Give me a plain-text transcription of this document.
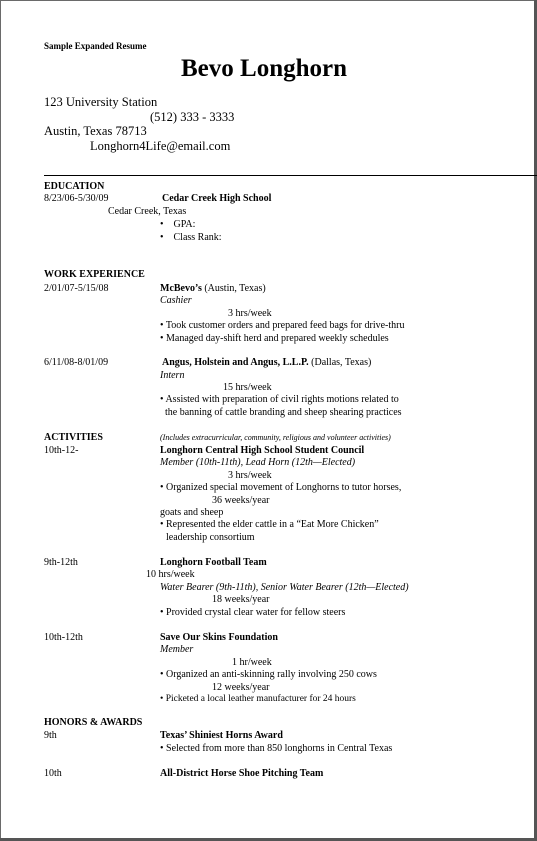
Sample Expanded Resume
Bevo Longhorn
123 University Station
(512) 333 - 3333
Austin, Texas 78713
Longhorn4Life@email.com
EDUCATION
8/23/06-5/30/09	Cedar Creek High School
Cedar Creek, Texas
•    GPA:
•    Class Rank:
WORK EXPERIENCE
2/01/07-5/15/08	McBevo’s (Austin, Texas)
Cashier
3 hrs/week
• Took customer orders and prepared feed bags for drive-thru
• Managed day-shift herd and prepared weekly schedules
6/11/08-8/01/09	Angus, Holstein and Angus, L.L.P. (Dallas, Texas)
Intern
15 hrs/week
• Assisted with preparation of civil rights motions related to
the banning of cattle branding and sheep shearing practices
ACTIVITIES	(Includes extracurricular, community, religious and volunteer activities)
10th-12-	Longhorn Central High School Student Council
Member (10th-11th), Lead Horn (12th—Elected)
3 hrs/week
• Organized special movement of Longhorns to tutor horses,
36 weeks/year
goats and sheep
• Represented the elder cattle in a “Eat More Chicken”
leadership consortium
9th-12th	Longhorn Football Team
10 hrs/week
Water Bearer (9th-11th), Senior Water Bearer (12th—Elected)
18 weeks/year
• Provided crystal clear water for fellow steers
10th-12th	Save Our Skins Foundation
Member
1 hr/week
• Organized an anti-skinning rally involving 250 cows
12 weeks/year
• Picketed a local leather manufacturer for 24 hours
HONORS & AWARDS
9th	Texas’ Shiniest Horns Award
• Selected from more than 850 longhorns in Central Texas
10th	All-District Horse Shoe Pitching Team
